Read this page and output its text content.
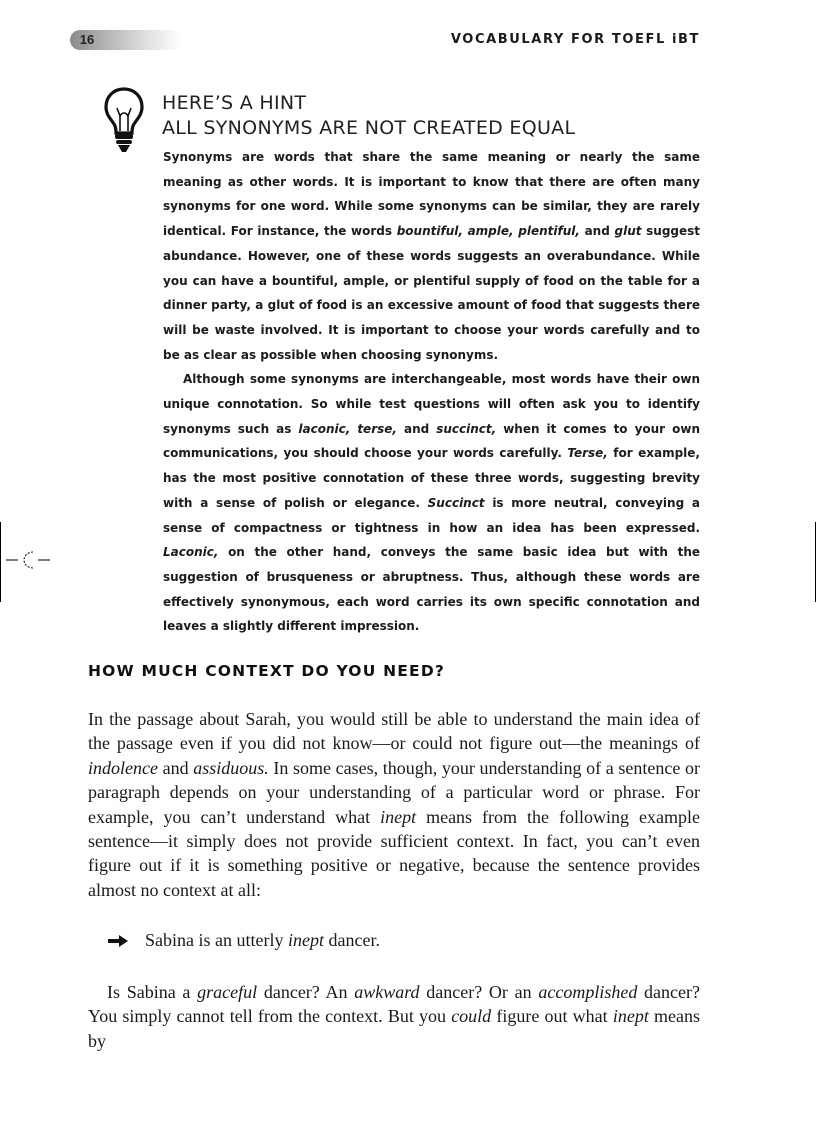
16	VOCABULARY FOR TOEFL iBT
HERE’S A HINT
ALL SYNONYMS ARE NOT CREATED EQUAL

Synonyms are words that share the same meaning or nearly the same meaning as other words. It is important to know that there are often many synonyms for one word. While some synonyms can be similar, they are rarely identical. For instance, the words bountiful, ample, plentiful, and glut suggest abundance. However, one of these words suggests an overabundance. While you can have a bountiful, ample, or plentiful supply of food on the table for a dinner party, a glut of food is an excessive amount of food that suggests there will be waste involved. It is important to choose your words carefully and to be as clear as possible when choosing synonyms.

Although some synonyms are interchangeable, most words have their own unique connotation. So while test questions will often ask you to identify synonyms such as laconic, terse, and succinct, when it comes to your own communications, you should choose your words carefully. Terse, for example, has the most positive connotation of these three words, suggesting brevity with a sense of polish or elegance. Succinct is more neutral, conveying a sense of compactness or tightness in how an idea has been expressed. Laconic, on the other hand, conveys the same basic idea but with the suggestion of brusqueness or abruptness. Thus, although these words are effectively synonymous, each word carries its own specific connotation and leaves a slightly different impression.

HOW MUCH CONTEXT DO YOU NEED?

In the passage about Sarah, you would still be able to understand the main idea of the passage even if you did not know—or could not figure out—the meanings of indolence and assiduous. In some cases, though, your understanding of a sentence or paragraph depends on your understanding of a particular word or phrase. For example, you can’t understand what inept means from the following example sentence—it simply does not provide sufficient context. In fact, you can’t even figure out if it is something positive or negative, because the sentence provides almost no context at all:

Sabina is an utterly inept dancer.

Is Sabina a graceful dancer? An awkward dancer? Or an accomplished dancer? You simply cannot tell from the context. But you could figure out what inept means by
